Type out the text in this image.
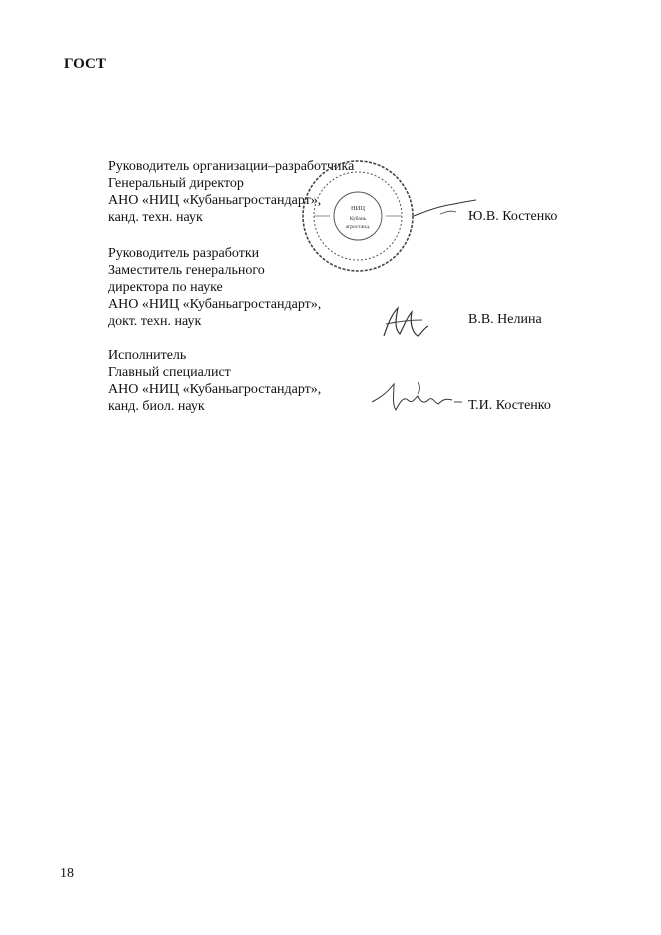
ГОСТ
Руководитель организации–разработчика
Генеральный директор
АНО «НИЦ «Кубаньагростандарт»,
канд. техн. наук	Ю.В. Костенко
НИЦ
Кубань
агростанд.
Руководитель разработки
Заместитель генерального
директора по науке
АНО «НИЦ «Кубаньагростандарт»,
докт. техн. наук	В.В. Нелина
Исполнитель
Главный специалист
АНО «НИЦ «Кубаньагростандарт»,
канд. биол. наук	Т.И. Костенко
18
